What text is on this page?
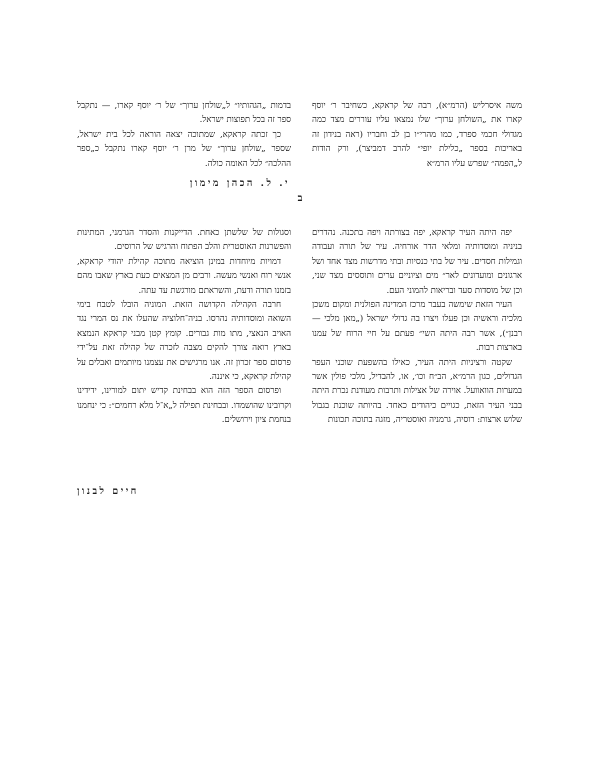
משה איסרליש (הרמ״א), רבה של קראקא, כשחיבר ר׳ יוסף קארו את „השולחן ערוך״ שלו נמצאו עליו עוררים מצד כמה מגדולי חכמי ספרד, כמו מהרי״ו בן לב וחבריו (ראה בנידון זה באריכות בספר „כלילת יופי״ להרב דמביצר), ורק הודות ל„הפמה״ שפרש עליו הרמ״א

בדמות „הגהותיו״ ל„שולחן ערוך״ של ר׳ יוסף קארו, — נתקבל ספר זה בכל תפוצות ישראל.

כך זכתה קראקא, שמתוכה יצאה הוראה לכל בית ישראל, שספר „שולחן ערוך״ של מרן ר׳ יוסף קארו נתקבל כ„ספר ההלכה״ לכל האומה כולה.

י. ל. הכהן מימון
ב

יפה היתה העיר קראקא, יפה בצורתה ויפה בתכנה. נהדרים בניניה ומוסדותיה ומלאי הדר אורחיה. עיר של תורה ועבודה וגמילות חסדים. עיר של בתי כנסיות ובתי מדרשות מצד אחד ושל ארגונים ומועדונים לאר״ מים וציוניים ערים ותוססים מצד שני, וכן של מוסדות סעד ובריאות להמוני העם.

העיר הזאת שימשה בעבר מרכז המדינה הפולנית ומקום משכן מלכיה וראשיה וכן פעלו ויצרו בה גדולי ישראל („מאן מלכי — רבנן״), אשר רבה היתה השי״ פעתם על חיי הרוח של עמנו בארצות רבות.

שקטה ורציניות היתה העיר, כאילו בהשפעת שוכני העפר הגדולים, כגון הרמ״א, הב״ח וכו׳, או, להבדיל, מלכי פולין אשר במערות הוואוועל. אוירה של אצילות ותרבות מעודנת נכרת היתה בבני העיר הזאת, כגויים כיהודים כאחד. בהיותה שוכנת בגבול שלוש ארצות: רוסיה, גרמניה ואוסטריה, מזגה בתוכה תכונות

וסגולות של שלשתן כאחת. הדייקנות והסדר הגרמני, המתינות והפשרנות האוסטרית והלב הפתוח והרגיש של הרוסים.

דמויות מיוחדות במינן הוציאה מתוכה קהילת יהודי קראקא, אנשי רוח ואנשי מעשה. ורבים מן המצאים כעת בארץ שאבו מהם בזמנו תורה ודעת, והשראתם מורגשת עד עתה.

חרבה הקהילה הקדושה הזאת. המוניה הובלו לטבח בימי השואה ומוסדותיה נהרסו. בניה־חלוציה שהעלו את נס המרי נגד האויב הנאצי, מתו מות גבורים. קומץ קטן מבני קראקא הנמצא בארץ רואה צורך להקים מצבה לזכרה של קהילה זאת על־ידי פרסום ספר זכרון זה. אנו מרגישים את עצמנו מיותמים ואבלים על קהילת קראקא, כי איננה.

ופרסום הספר הזה הוא בבחינת קדיש יתום למורינו, ידידינו וקרובינו שהושמדו. ובבחינת תפילה ל„א־ל מלא רחמים״: כי ינחמנו בנחמת ציון וירושלים.

חיים לבנון
